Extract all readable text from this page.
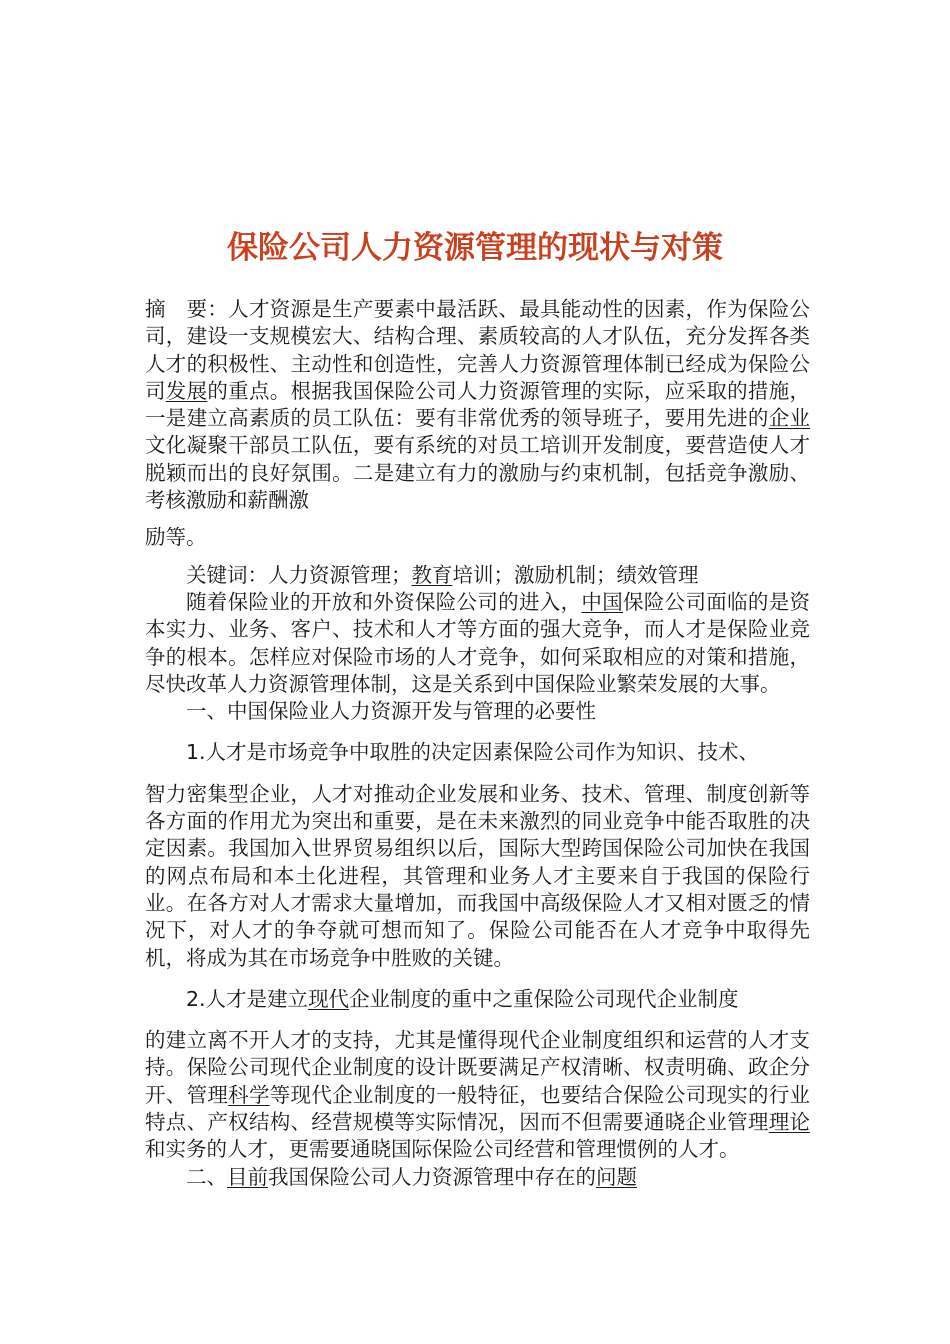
保险公司人力资源管理的现状与对策

摘　要：人才资源是生产要素中最活跃、最具能动性的因素，作为保险公司，建设一支规模宏大、结构合理、素质较高的人才队伍，充分发挥各类人才的积极性、主动性和创造性，完善人力资源管理体制已经成为保险公司发展的重点。根据我国保险公司人力资源管理的实际，应采取的措施，一是建立高素质的员工队伍：要有非常优秀的领导班子，要用先进的企业文化凝聚干部员工队伍，要有系统的对员工培训开发制度，要营造使人才脱颖而出的良好氛围。二是建立有力的激励与约束机制，包括竞争激励、考核激励和薪酬激

励等。

关键词：人力资源管理；教育培训；激励机制；绩效管理

随着保险业的开放和外资保险公司的进入，中国保险公司面临的是资本实力、业务、客户、技术和人才等方面的强大竞争，而人才是保险业竞争的根本。怎样应对保险市场的人才竞争，如何采取相应的对策和措施，尽快改革人力资源管理体制，这是关系到中国保险业繁荣发展的大事。

一、中国保险业人力资源开发与管理的必要性

1.人才是市场竞争中取胜的决定因素保险公司作为知识、技术、

智力密集型企业，人才对推动企业发展和业务、技术、管理、制度创新等各方面的作用尤为突出和重要，是在未来激烈的同业竞争中能否取胜的决定因素。我国加入世界贸易组织以后，国际大型跨国保险公司加快在我国的网点布局和本土化进程，其管理和业务人才主要来自于我国的保险行业。在各方对人才需求大量增加，而我国中高级保险人才又相对匮乏的情况下，对人才的争夺就可想而知了。保险公司能否在人才竞争中取得先机，将成为其在市场竞争中胜败的关键。

2.人才是建立现代企业制度的重中之重保险公司现代企业制度

的建立离不开人才的支持，尤其是懂得现代企业制度组织和运营的人才支持。保险公司现代企业制度的设计既要满足产权清晰、权责明确、政企分开、管理科学等现代企业制度的一般特征，也要结合保险公司现实的行业特点、产权结构、经营规模等实际情况，因而不但需要通晓企业管理理论和实务的人才，更需要通晓国际保险公司经营和管理惯例的人才。

二、目前我国保险公司人力资源管理中存在的问题
